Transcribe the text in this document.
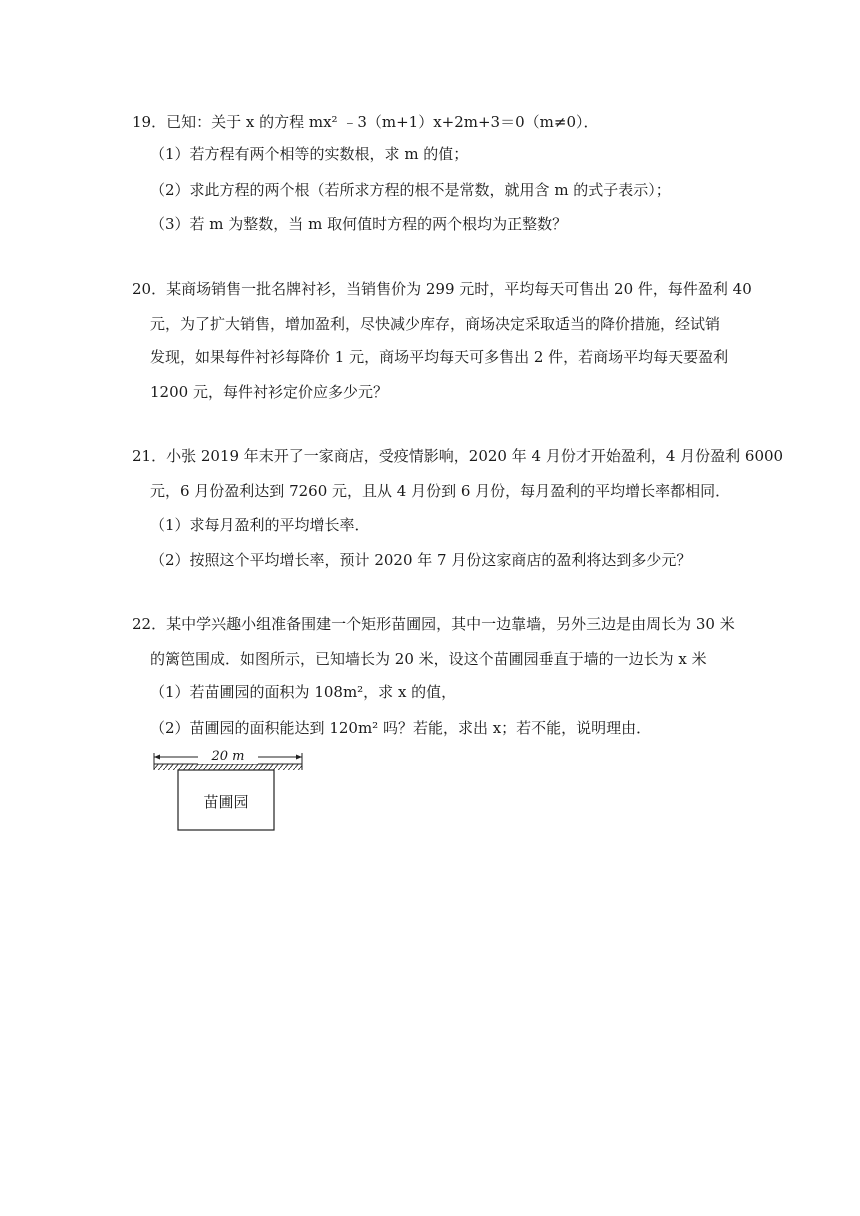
19．已知：关于 x 的方程 mx² ﹣3（m+1）x+2m+3＝0（m≠0）．
（1）若方程有两个相等的实数根，求 m 的值；
（2）求此方程的两个根（若所求方程的根不是常数，就用含 m 的式子表示）；
（3）若 m 为整数，当 m 取何值时方程的两个根均为正整数？
20．某商场销售一批名牌衬衫，当销售价为 299 元时，平均每天可售出 20 件，每件盈利 40
元，为了扩大销售，增加盈利，尽快减少库存，商场决定采取适当的降价措施，经试销
发现，如果每件衬衫每降价 1 元，商场平均每天可多售出 2 件，若商场平均每天要盈利
1200 元，每件衬衫定价应多少元？
21．小张 2019 年末开了一家商店，受疫情影响，2020 年 4 月份才开始盈利，4 月份盈利 6000
元，6 月份盈利达到 7260 元，且从 4 月份到 6 月份，每月盈利的平均增长率都相同．
（1）求每月盈利的平均增长率．
（2）按照这个平均增长率，预计 2020 年 7 月份这家商店的盈利将达到多少元？
22．某中学兴趣小组准备围建一个矩形苗圃园，其中一边靠墙，另外三边是由周长为 30 米
的篱笆围成．如图所示，已知墙长为 20 米，设这个苗圃园垂直于墙的一边长为 x 米
（1）若苗圃园的面积为 108m²，求 x 的值，
（2）苗圃园的面积能达到 120m² 吗？若能，求出 x；若不能，说明理由．
20 m
苗圃园
